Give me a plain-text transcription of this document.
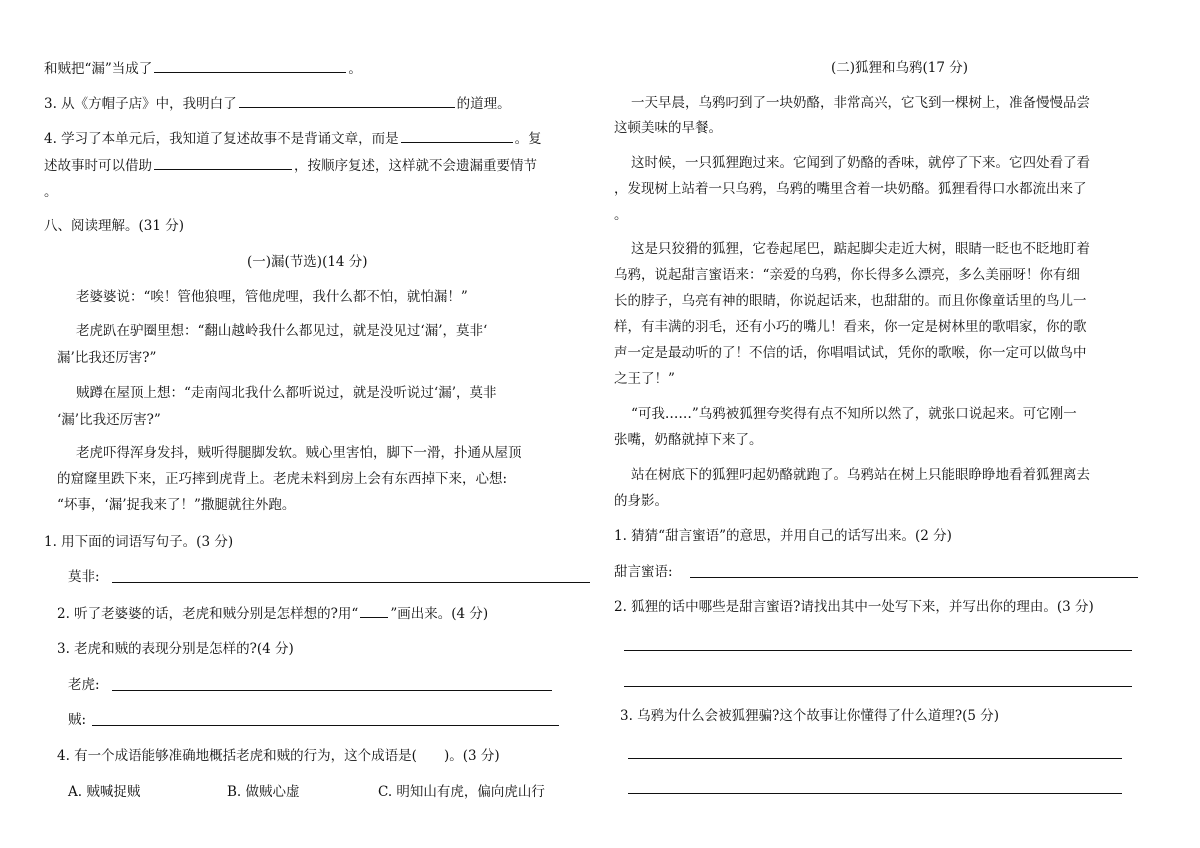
和贼把“漏”当成了	。
3. 从《方帽子店》中，我明白了	的道理。
4. 学习了本单元后，我知道了复述故事不是背诵文章，而是	。复
述故事时可以借助	，按顺序复述，这样就不会遗漏重要情节
。
八、阅读理解。(31 分)
(一)漏(节选)(14 分)
老婆婆说：“唉！管他狼哩，管他虎哩，我什么都不怕，就怕漏！”
老虎趴在驴圈里想：“翻山越岭我什么都见过，就是没见过‘漏’，莫非‘
漏’比我还厉害?”
贼蹲在屋顶上想：“走南闯北我什么都听说过，就是没听说过‘漏’，莫非
‘漏’比我还厉害?”
老虎吓得浑身发抖，贼听得腿脚发软。贼心里害怕，脚下一滑，扑通从屋顶
的窟窿里跌下来，正巧摔到虎背上。老虎未料到房上会有东西掉下来，心想:
“坏事，‘漏’捉我来了！”撒腿就往外跑。
1. 用下面的词语写句子。(3 分)
莫非:
2. 听了老婆婆的话，老虎和贼分别是怎样想的?用“ ”画出来。(4 分)
3. 老虎和贼的表现分别是怎样的?(4 分)
老虎:
贼:
4. 有一个成语能够准确地概括老虎和贼的行为，这个成语是(　　)。(3 分)
A. 贼喊捉贼	B. 做贼心虚	C. 明知山有虎，偏向虎山行
(二)狐狸和乌鸦(17 分)
一天早晨，乌鸦叼到了一块奶酪，非常高兴，它飞到一棵树上，准备慢慢品尝
这顿美味的早餐。
这时候，一只狐狸跑过来。它闻到了奶酪的香味，就停了下来。它四处看了看
，发现树上站着一只乌鸦，乌鸦的嘴里含着一块奶酪。狐狸看得口水都流出来了
。
这是只狡猾的狐狸，它卷起尾巴，踮起脚尖走近大树，眼睛一眨也不眨地盯着
乌鸦，说起甜言蜜语来：“亲爱的乌鸦，你长得多么漂亮，多么美丽呀！你有细
长的脖子，乌亮有神的眼睛，你说起话来，也甜甜的。而且你像童话里的鸟儿一
样，有丰满的羽毛，还有小巧的嘴儿！看来，你一定是树林里的歌唱家，你的歌
声一定是最动听的了！不信的话，你唱唱试试，凭你的歌喉，你一定可以做鸟中
之王了！”
“可我……”乌鸦被狐狸夸奖得有点不知所以然了，就张口说起来。可它刚一
张嘴，奶酪就掉下来了。
站在树底下的狐狸叼起奶酪就跑了。乌鸦站在树上只能眼睁睁地看着狐狸离去
的身影。
1. 猜猜“甜言蜜语”的意思，并用自己的话写出来。(2 分)
甜言蜜语:
2. 狐狸的话中哪些是甜言蜜语?请找出其中一处写下来，并写出你的理由。(3 分)
3. 乌鸦为什么会被狐狸骗?这个故事让你懂得了什么道理?(5 分)
